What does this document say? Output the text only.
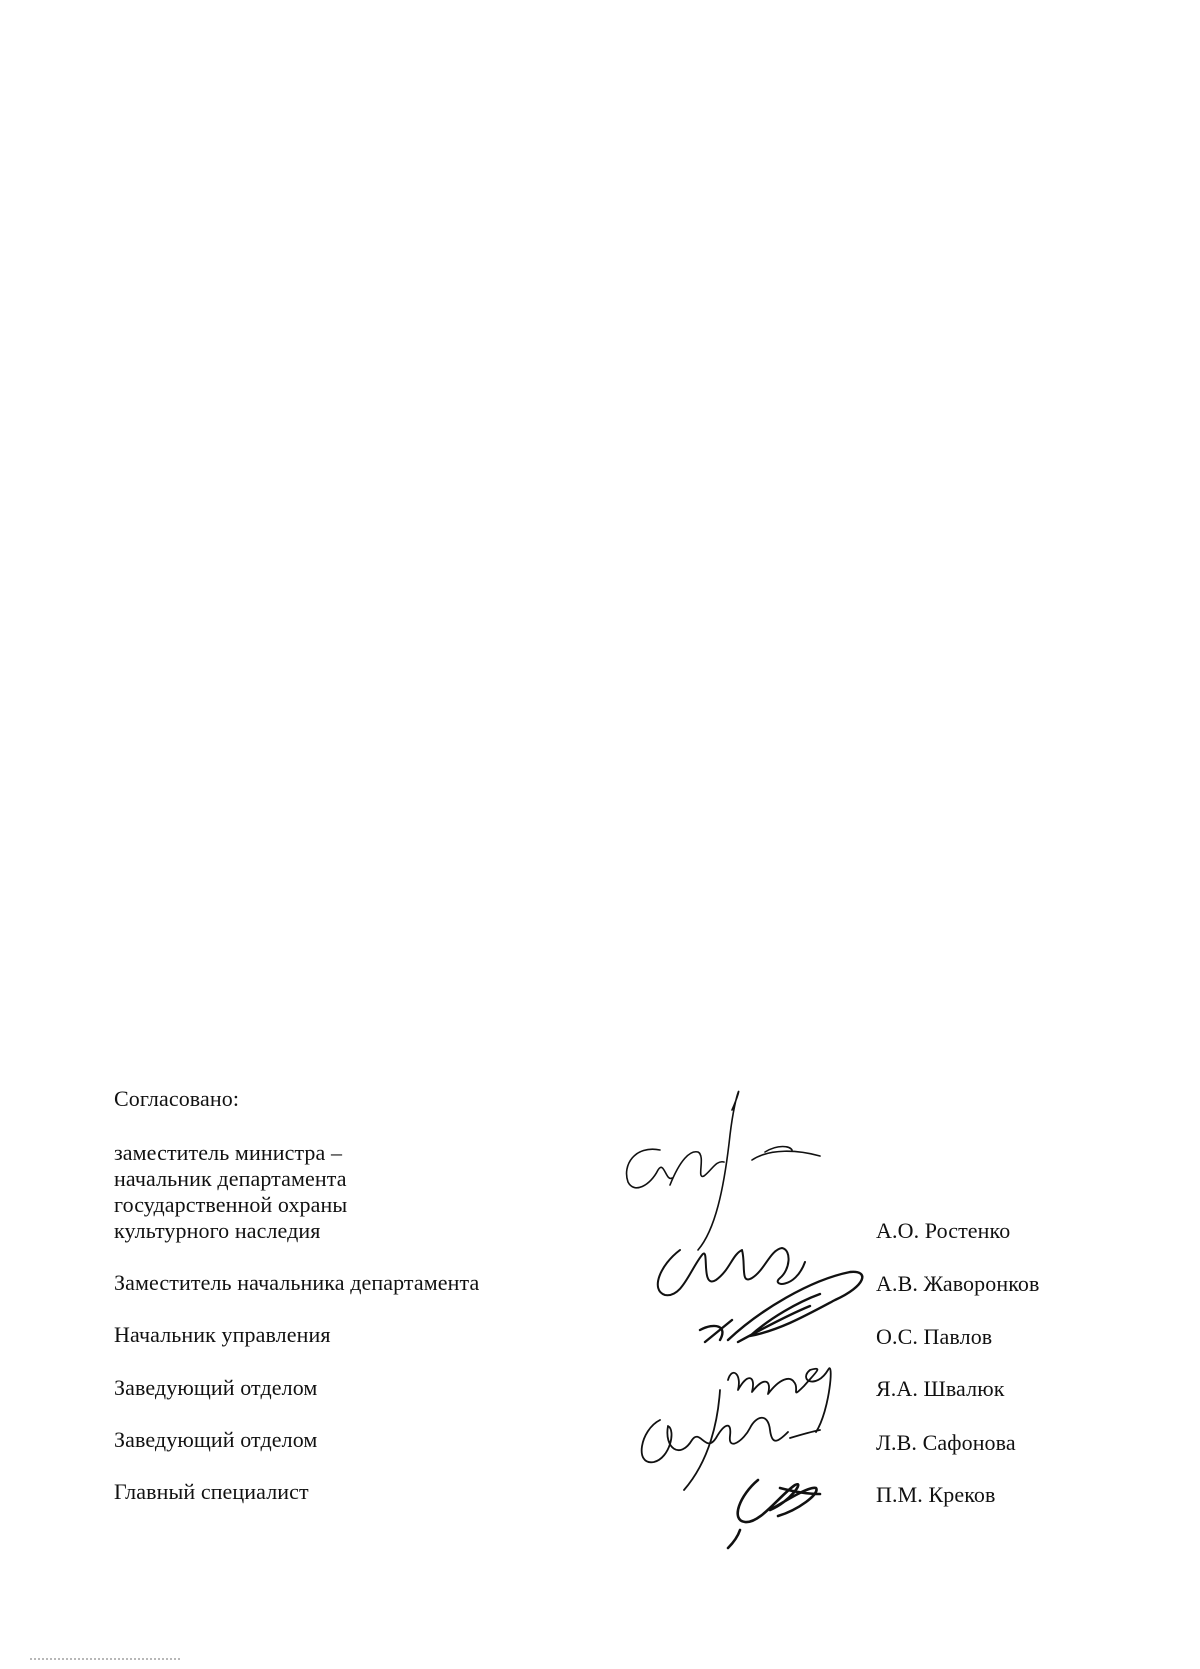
Согласовано:
заместитель министра –
начальник департамента
государственной охраны
культурного наследия
Заместитель начальника департамента
Начальник управления
Заведующий отделом
Заведующий отделом
Главный специалист
А.О. Ростенко
А.В. Жаворонков
О.С. Павлов
Я.А. Швалюк
Л.В. Сафонова
П.М. Креков
